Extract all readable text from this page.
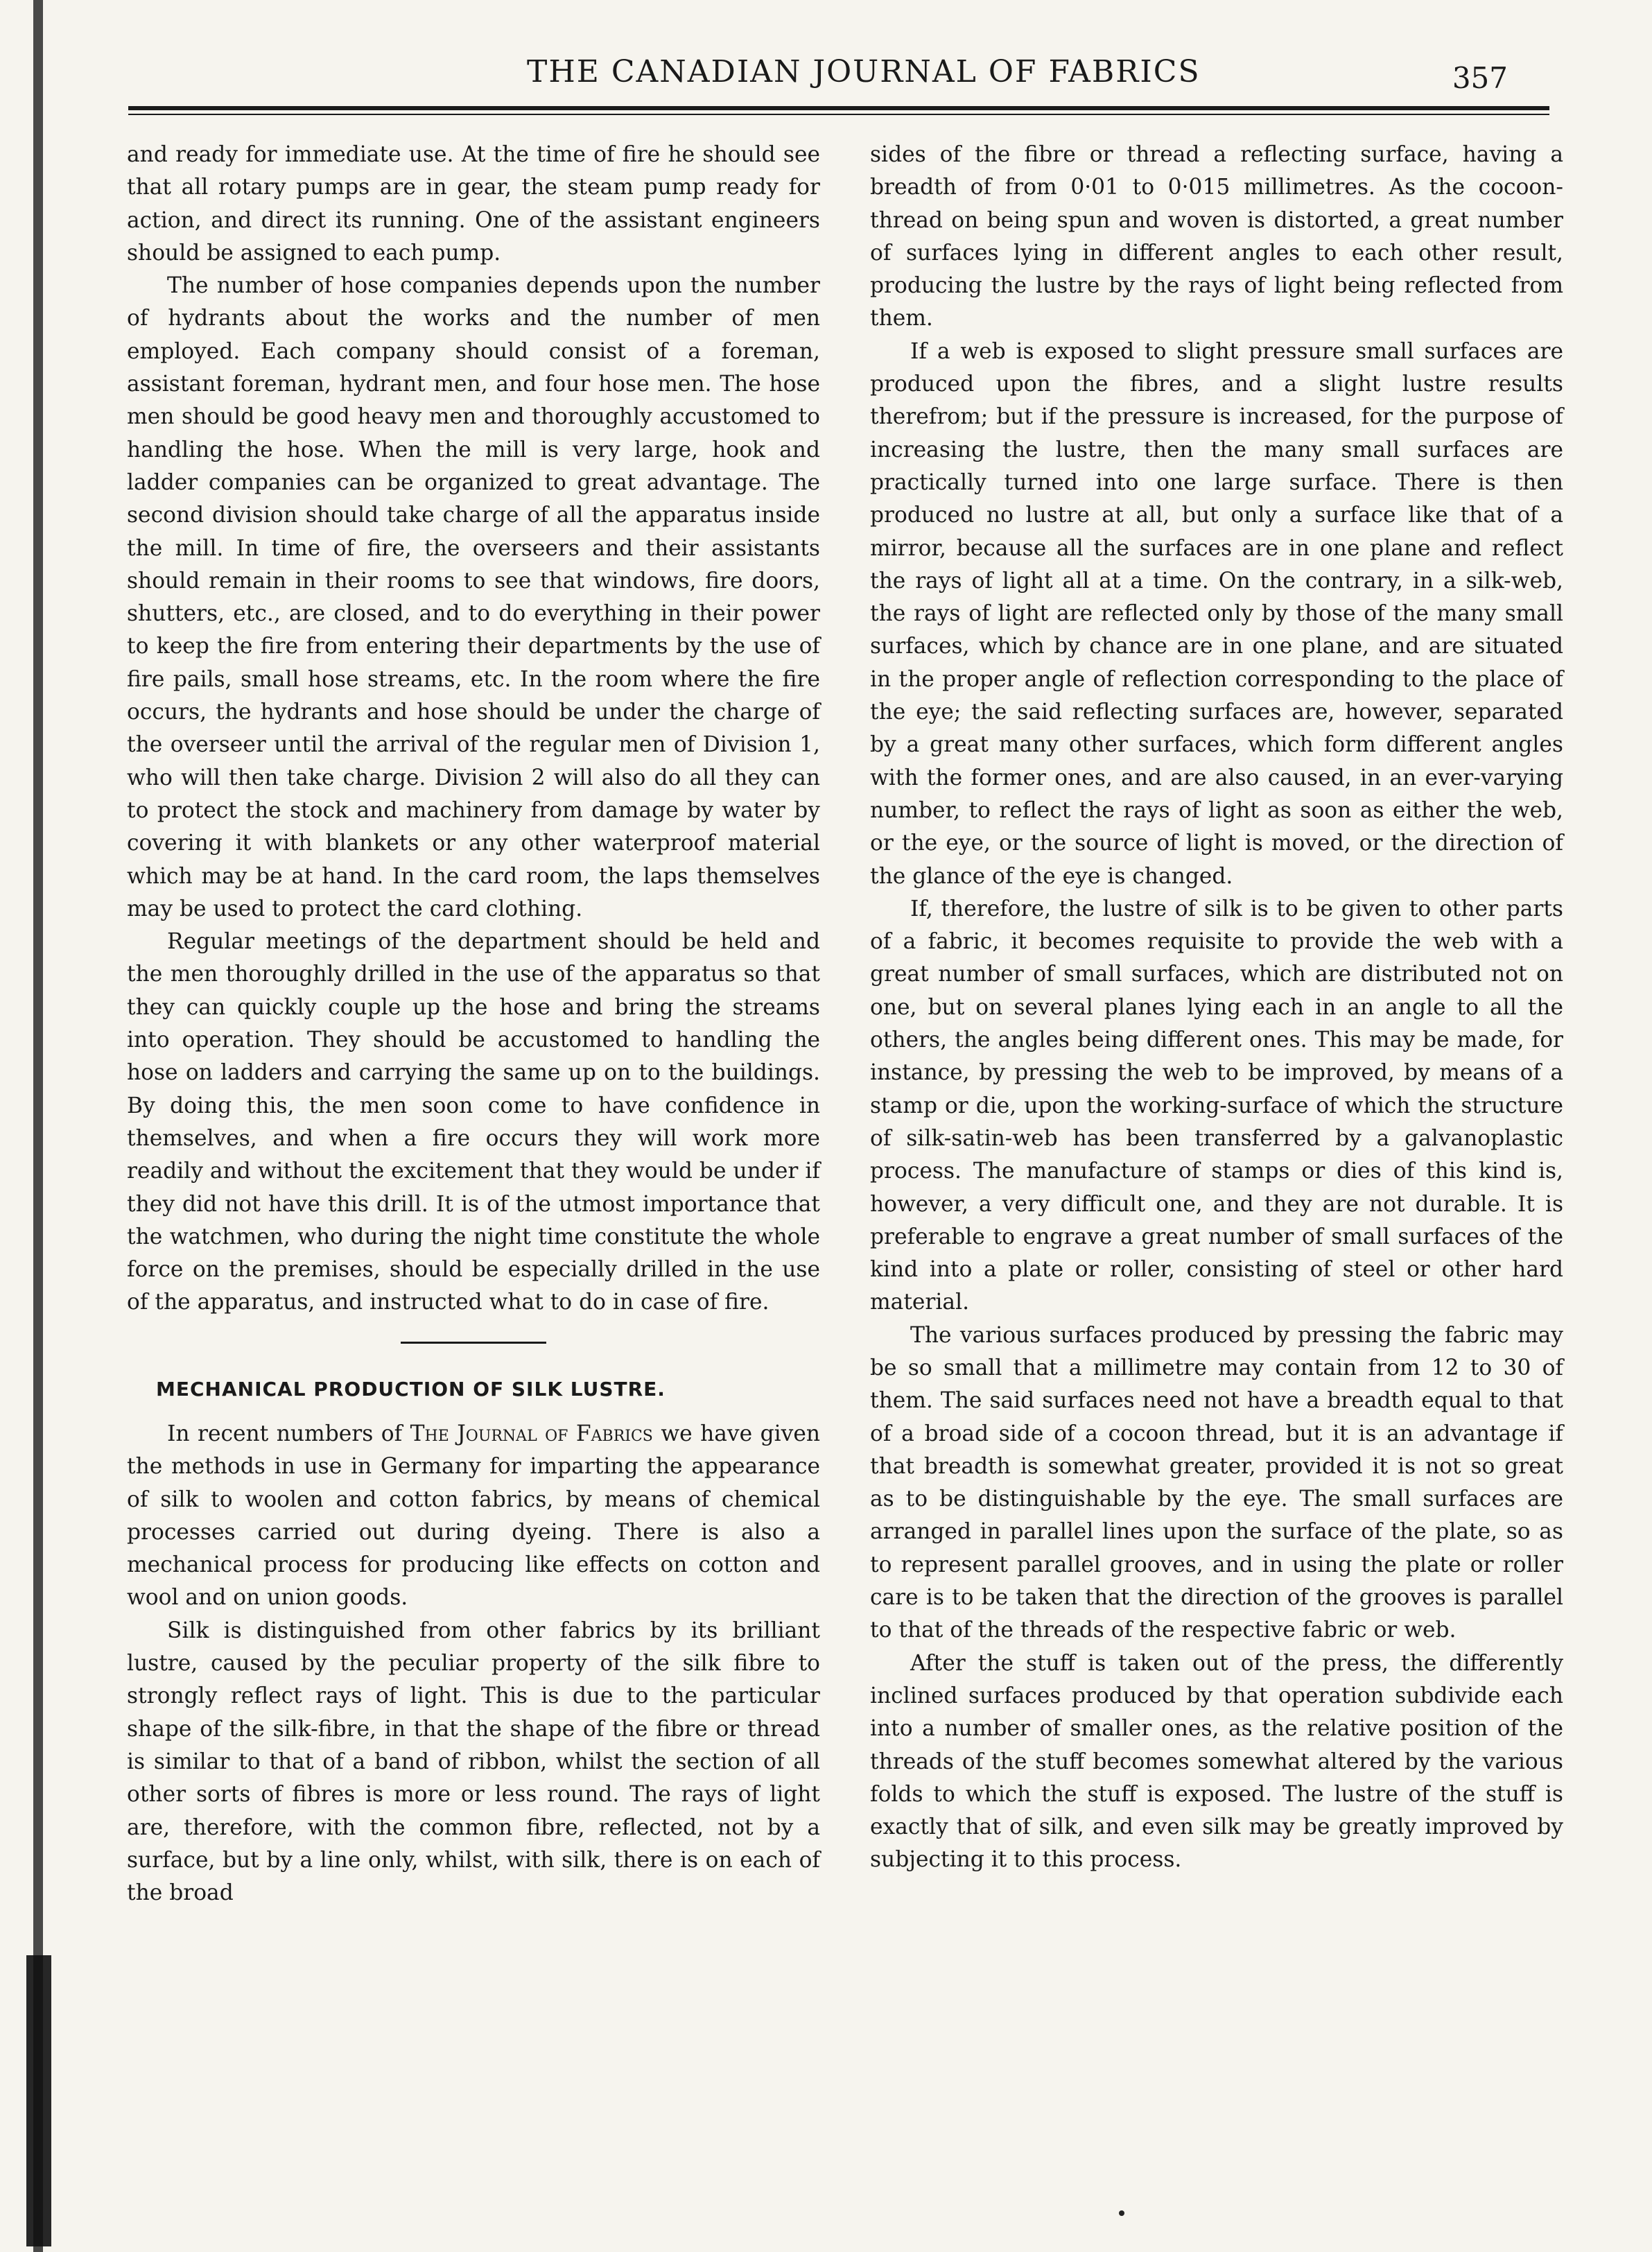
THE CANADIAN JOURNAL OF FABRICS	357

and ready for immediate use. At the time of fire he should see that all rotary pumps are in gear, the steam pump ready for action, and direct its running. One of the assistant engineers should be assigned to each pump.

The number of hose companies depends upon the number of hydrants about the works and the number of men employed. Each company should consist of a foreman, assistant foreman, hydrant men, and four hose men. The hose men should be good heavy men and thoroughly accustomed to handling the hose. When the mill is very large, hook and ladder companies can be organized to great advantage. The second division should take charge of all the apparatus inside the mill. In time of fire, the overseers and their assistants should remain in their rooms to see that windows, fire doors, shutters, etc., are closed, and to do everything in their power to keep the fire from entering their departments by the use of fire pails, small hose streams, etc. In the room where the fire occurs, the hydrants and hose should be under the charge of the overseer until the arrival of the regular men of Division 1, who will then take charge. Division 2 will also do all they can to protect the stock and machinery from damage by water by covering it with blankets or any other waterproof material which may be at hand. In the card room, the laps themselves may be used to protect the card clothing.

Regular meetings of the department should be held and the men thoroughly drilled in the use of the apparatus so that they can quickly couple up the hose and bring the streams into operation. They should be accustomed to handling the hose on ladders and carrying the same up on to the buildings. By doing this, the men soon come to have confidence in themselves, and when a fire occurs they will work more readily and without the excitement that they would be under if they did not have this drill. It is of the utmost importance that the watchmen, who during the night time constitute the whole force on the premises, should be especially drilled in the use of the apparatus, and instructed what to do in case of fire.

MECHANICAL PRODUCTION OF SILK LUSTRE.

In recent numbers of The Journal of Fabrics we have given the methods in use in Germany for imparting the appearance of silk to woolen and cotton fabrics, by means of chemical processes carried out during dyeing. There is also a mechanical process for producing like effects on cotton and wool and on union goods.

Silk is distinguished from other fabrics by its brilliant lustre, caused by the peculiar property of the silk fibre to strongly reflect rays of light. This is due to the particular shape of the silk-fibre, in that the shape of the fibre or thread is similar to that of a band of ribbon, whilst the section of all other sorts of fibres is more or less round. The rays of light are, therefore, with the common fibre, reflected, not by a surface, but by a line only, whilst, with silk, there is on each of the broad

sides of the fibre or thread a reflecting surface, having a breadth of from 0·01 to 0·015 millimetres. As the cocoon-thread on being spun and woven is distorted, a great number of surfaces lying in different angles to each other result, producing the lustre by the rays of light being reflected from them.

If a web is exposed to slight pressure small surfaces are produced upon the fibres, and a slight lustre results therefrom; but if the pressure is increased, for the purpose of increasing the lustre, then the many small surfaces are practically turned into one large surface. There is then produced no lustre at all, but only a surface like that of a mirror, because all the surfaces are in one plane and reflect the rays of light all at a time. On the contrary, in a silk-web, the rays of light are reflected only by those of the many small surfaces, which by chance are in one plane, and are situated in the proper angle of reflection corresponding to the place of the eye; the said reflecting surfaces are, however, separated by a great many other surfaces, which form different angles with the former ones, and are also caused, in an ever-varying number, to reflect the rays of light as soon as either the web, or the eye, or the source of light is moved, or the direction of the glance of the eye is changed.

If, therefore, the lustre of silk is to be given to other parts of a fabric, it becomes requisite to provide the web with a great number of small surfaces, which are distributed not on one, but on several planes lying each in an angle to all the others, the angles being different ones. This may be made, for instance, by pressing the web to be improved, by means of a stamp or die, upon the working-surface of which the structure of silk-satin-web has been transferred by a galvanoplastic process. The manufacture of stamps or dies of this kind is, however, a very difficult one, and they are not durable. It is preferable to engrave a great number of small surfaces of the kind into a plate or roller, consisting of steel or other hard material.

The various surfaces produced by pressing the fabric may be so small that a millimetre may contain from 12 to 30 of them. The said surfaces need not have a breadth equal to that of a broad side of a cocoon thread, but it is an advantage if that breadth is somewhat greater, provided it is not so great as to be distinguishable by the eye. The small surfaces are arranged in parallel lines upon the surface of the plate, so as to represent parallel grooves, and in using the plate or roller care is to be taken that the direction of the grooves is parallel to that of the threads of the respective fabric or web.

After the stuff is taken out of the press, the differently inclined surfaces produced by that operation subdivide each into a number of smaller ones, as the relative position of the threads of the stuff becomes somewhat altered by the various folds to which the stuff is exposed. The lustre of the stuff is exactly that of silk, and even silk may be greatly improved by subjecting it to this process.
